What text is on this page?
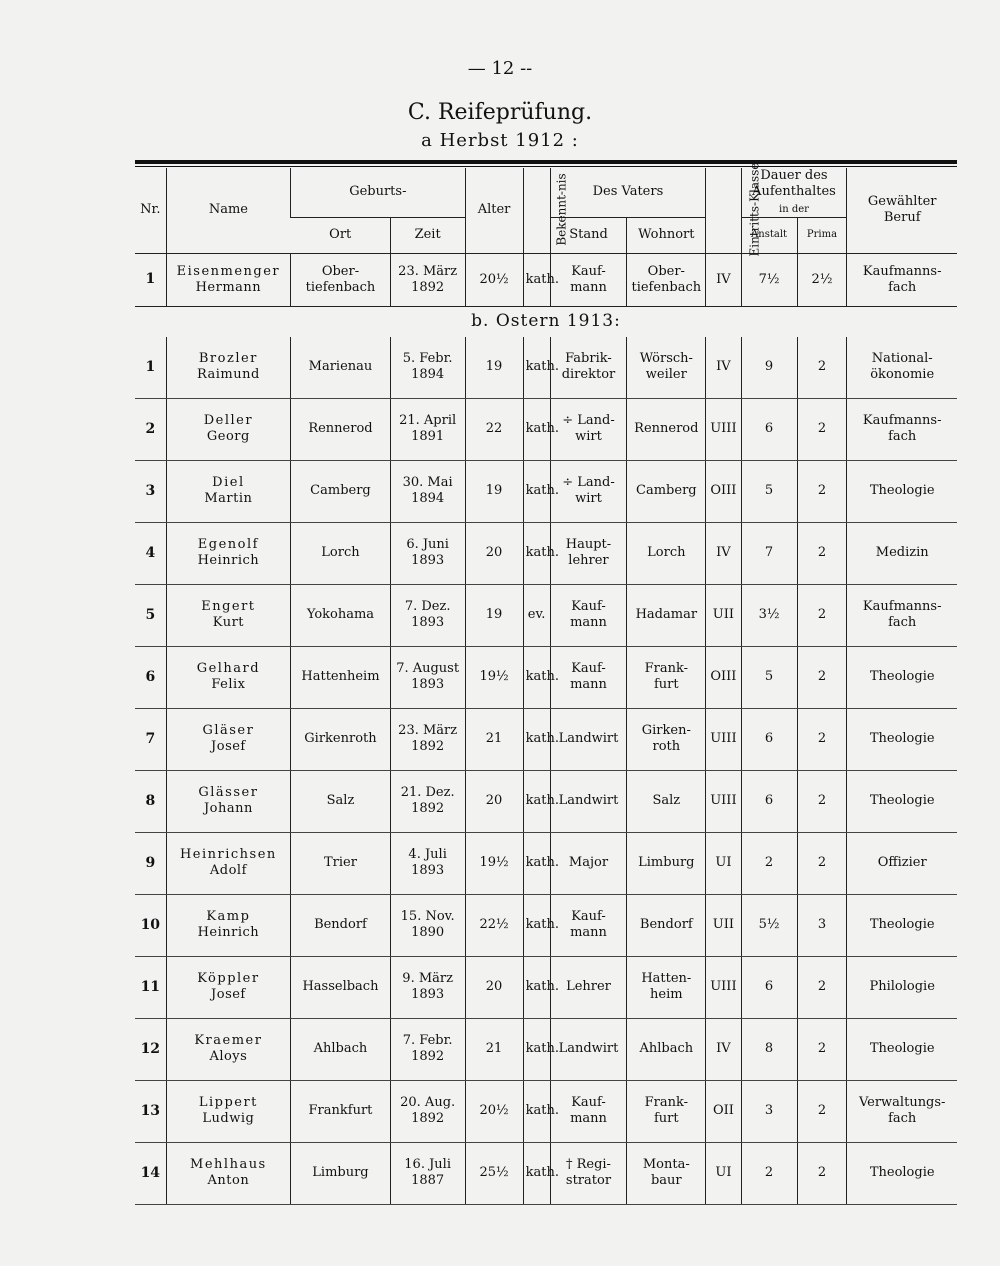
— 12 --
C. Reifeprüfung.
a Herbst 1912 :
Nr.	Name	Geburts-		Alter	Bekennt-nis	Des Vaters		Eintritts-Klasse	Dauer des Aufenthaltes
in der		Gewählter Beruf
		Ort	Zeit			Stand	Wohnort		Anstalt	Prima	

1	Eisenmenger
Hermann	Ober-
tiefenbach	23. März
1892	20½	kath.	Kauf-
mann	Ober-
tiefenbach	IV	7½	2½	Kaufmanns-
fach

b. Ostern 1913:											

1	Brozler
Raimund	Marienau	5. Febr.
1894	19	kath.	Fabrik-
direktor	Wörsch-
weiler	IV	9	2	National-
ökonomie

2	Deller
Georg	Rennerod	21. April
1891	22	kath.	÷ Land-
wirt	Rennerod	UIII	6	2	Kaufmanns-
fach

3	Diel
Martin	Camberg	30. Mai
1894	19	kath.	÷ Land-
wirt	Camberg	OIII	5	2	Theologie

4	Egenolf
Heinrich	Lorch	6. Juni
1893	20	kath.	Haupt-
lehrer	Lorch	IV	7	2	Medizin

5	Engert
Kurt	Yokohama	7. Dez.
1893	19	ev.	Kauf-
mann	Hadamar	UII	3½	2	Kaufmanns-
fach

6	Gelhard
Felix	Hattenheim	7. August
1893	19½	kath.	Kauf-
mann	Frank-
furt	OIII	5	2	Theologie

7	Gläser
Josef	Girkenroth	23. März
1892	21	kath.	Landwirt	Girken-
roth	UIII	6	2	Theologie

8	Glässer
Johann	Salz	21. Dez.
1892	20	kath.	Landwirt	Salz	UIII	6	2	Theologie

9	Heinrichsen
Adolf	Trier	4. Juli
1893	19½	kath.	Major	Limburg	UI	2	2	Offizier

10	Kamp
Heinrich	Bendorf	15. Nov.
1890	22½	kath.	Kauf-
mann	Bendorf	UII	5½	3	Theologie

11	Köppler
Josef	Hasselbach	9. März
1893	20	kath.	Lehrer	Hatten-
heim	UIII	6	2	Philologie

12	Kraemer
Aloys	Ahlbach	7. Febr.
1892	21	kath.	Landwirt	Ahlbach	IV	8	2	Theologie

13	Lippert
Ludwig	Frankfurt	20. Aug.
1892	20½	kath.	Kauf-
mann	Frank-
furt	OII	3	2	Verwaltungs-
fach

14	Mehlhaus
Anton	Limburg	16. Juli
1887	25½	kath.	† Regi-
strator	Monta-
baur	UI	2	2	Theologie
